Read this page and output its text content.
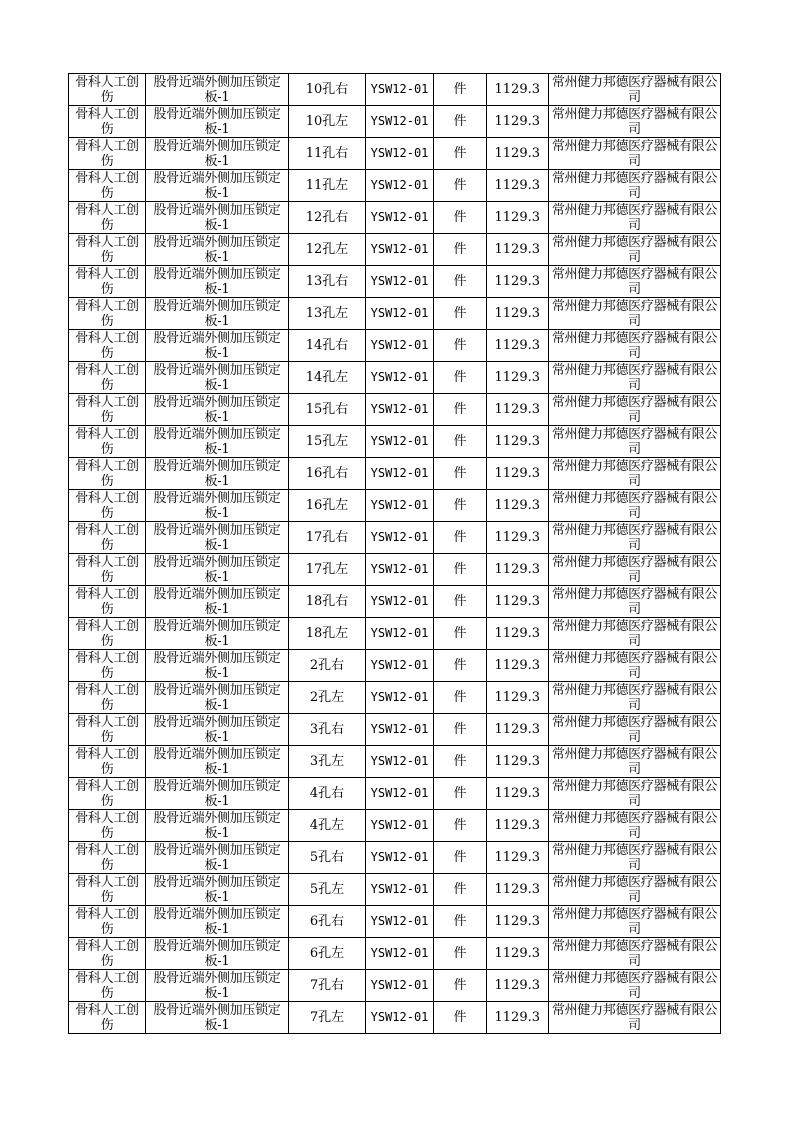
骨科人工创伤	股骨近端外侧加压锁定板-1	10孔右	YSW12-01	件	1129.3	常州健力邦德医疗器械有限公司
骨科人工创伤	股骨近端外侧加压锁定板-1	10孔左	YSW12-01	件	1129.3	常州健力邦德医疗器械有限公司
骨科人工创伤	股骨近端外侧加压锁定板-1	11孔右	YSW12-01	件	1129.3	常州健力邦德医疗器械有限公司
骨科人工创伤	股骨近端外侧加压锁定板-1	11孔左	YSW12-01	件	1129.3	常州健力邦德医疗器械有限公司
骨科人工创伤	股骨近端外侧加压锁定板-1	12孔右	YSW12-01	件	1129.3	常州健力邦德医疗器械有限公司
骨科人工创伤	股骨近端外侧加压锁定板-1	12孔左	YSW12-01	件	1129.3	常州健力邦德医疗器械有限公司
骨科人工创伤	股骨近端外侧加压锁定板-1	13孔右	YSW12-01	件	1129.3	常州健力邦德医疗器械有限公司
骨科人工创伤	股骨近端外侧加压锁定板-1	13孔左	YSW12-01	件	1129.3	常州健力邦德医疗器械有限公司
骨科人工创伤	股骨近端外侧加压锁定板-1	14孔右	YSW12-01	件	1129.3	常州健力邦德医疗器械有限公司
骨科人工创伤	股骨近端外侧加压锁定板-1	14孔左	YSW12-01	件	1129.3	常州健力邦德医疗器械有限公司
骨科人工创伤	股骨近端外侧加压锁定板-1	15孔右	YSW12-01	件	1129.3	常州健力邦德医疗器械有限公司
骨科人工创伤	股骨近端外侧加压锁定板-1	15孔左	YSW12-01	件	1129.3	常州健力邦德医疗器械有限公司
骨科人工创伤	股骨近端外侧加压锁定板-1	16孔右	YSW12-01	件	1129.3	常州健力邦德医疗器械有限公司
骨科人工创伤	股骨近端外侧加压锁定板-1	16孔左	YSW12-01	件	1129.3	常州健力邦德医疗器械有限公司
骨科人工创伤	股骨近端外侧加压锁定板-1	17孔右	YSW12-01	件	1129.3	常州健力邦德医疗器械有限公司
骨科人工创伤	股骨近端外侧加压锁定板-1	17孔左	YSW12-01	件	1129.3	常州健力邦德医疗器械有限公司
骨科人工创伤	股骨近端外侧加压锁定板-1	18孔右	YSW12-01	件	1129.3	常州健力邦德医疗器械有限公司
骨科人工创伤	股骨近端外侧加压锁定板-1	18孔左	YSW12-01	件	1129.3	常州健力邦德医疗器械有限公司
骨科人工创伤	股骨近端外侧加压锁定板-1	2孔右	YSW12-01	件	1129.3	常州健力邦德医疗器械有限公司
骨科人工创伤	股骨近端外侧加压锁定板-1	2孔左	YSW12-01	件	1129.3	常州健力邦德医疗器械有限公司
骨科人工创伤	股骨近端外侧加压锁定板-1	3孔右	YSW12-01	件	1129.3	常州健力邦德医疗器械有限公司
骨科人工创伤	股骨近端外侧加压锁定板-1	3孔左	YSW12-01	件	1129.3	常州健力邦德医疗器械有限公司
骨科人工创伤	股骨近端外侧加压锁定板-1	4孔右	YSW12-01	件	1129.3	常州健力邦德医疗器械有限公司
骨科人工创伤	股骨近端外侧加压锁定板-1	4孔左	YSW12-01	件	1129.3	常州健力邦德医疗器械有限公司
骨科人工创伤	股骨近端外侧加压锁定板-1	5孔右	YSW12-01	件	1129.3	常州健力邦德医疗器械有限公司
骨科人工创伤	股骨近端外侧加压锁定板-1	5孔左	YSW12-01	件	1129.3	常州健力邦德医疗器械有限公司
骨科人工创伤	股骨近端外侧加压锁定板-1	6孔右	YSW12-01	件	1129.3	常州健力邦德医疗器械有限公司
骨科人工创伤	股骨近端外侧加压锁定板-1	6孔左	YSW12-01	件	1129.3	常州健力邦德医疗器械有限公司
骨科人工创伤	股骨近端外侧加压锁定板-1	7孔右	YSW12-01	件	1129.3	常州健力邦德医疗器械有限公司
骨科人工创伤	股骨近端外侧加压锁定板-1	7孔左	YSW12-01	件	1129.3	常州健力邦德医疗器械有限公司
